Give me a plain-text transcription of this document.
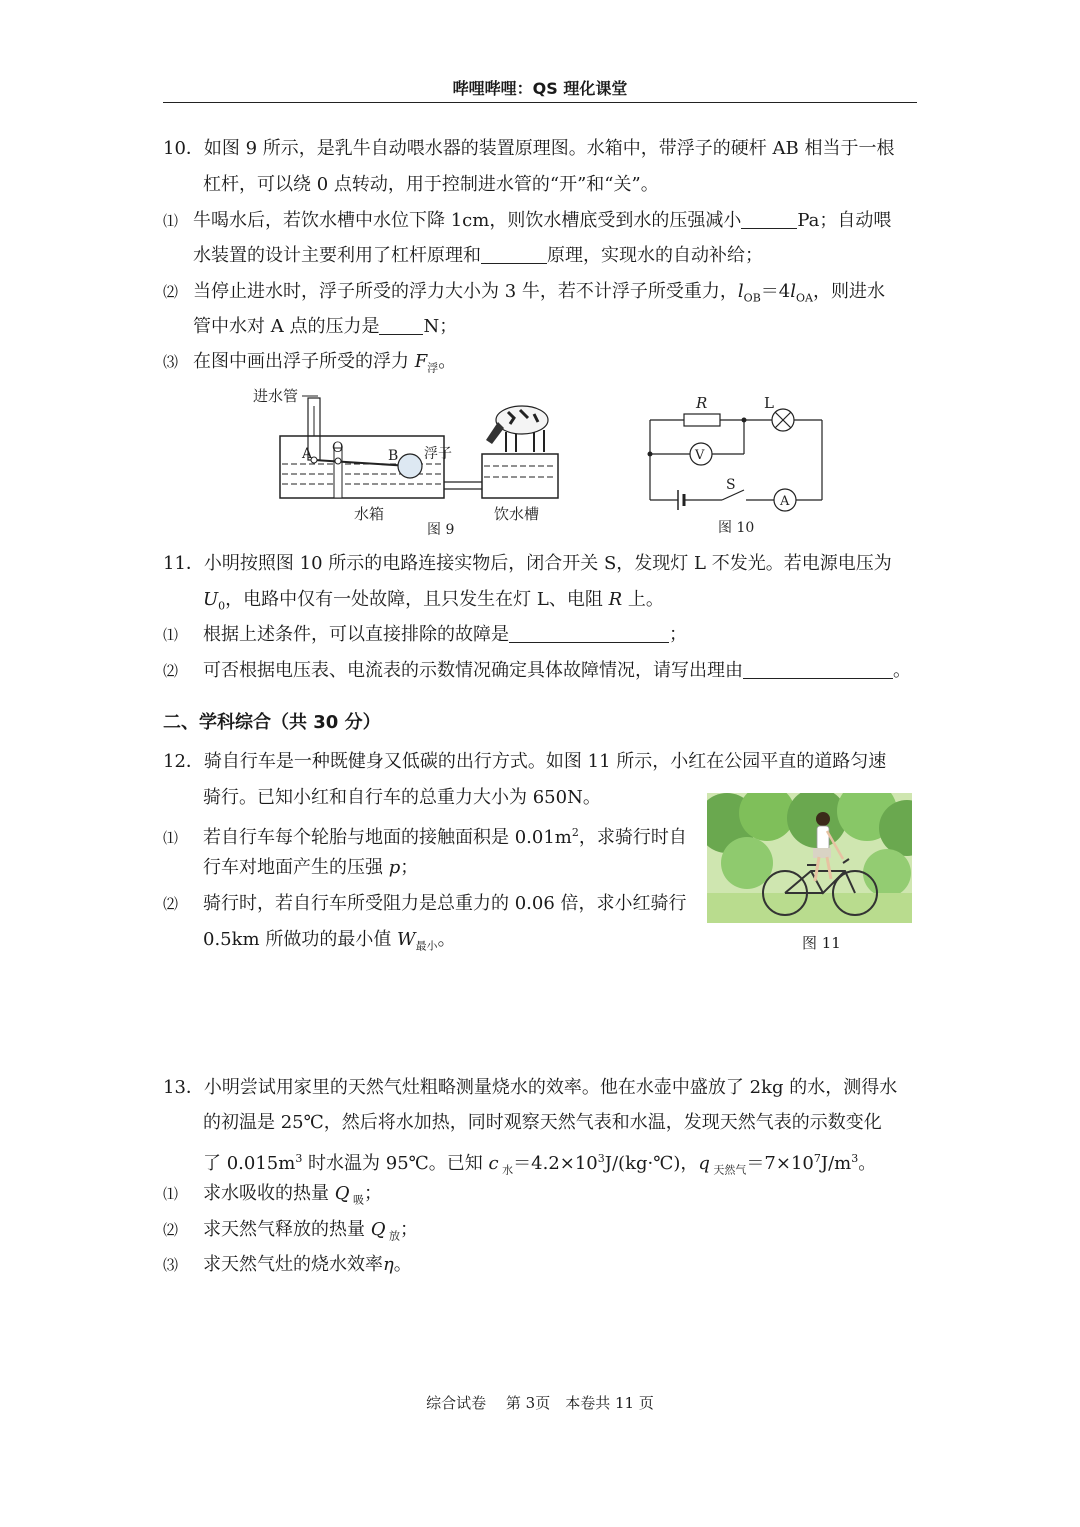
哔哩哔哩：QS 理化课堂
10．如图 9 所示，是乳牛自动喂水器的装置原理图。水箱中，带浮子的硬杆 AB 相当于一根
杠杆，可以绕 0 点转动，用于控制进水管的“开”和“关”。
⑴ 牛喝水后，若饮水槽中水位下降 1cm，则饮水槽底受到水的压强减小	Pa；自动喂
水装置的设计主要利用了杠杆原理和	原理，实现水的自动补给；
⑵ 当停止进水时，浮子所受的浮力大小为 3 牛，若不计浮子所受重力，$l_{OB}=4l_{OA}$，则进水
管中水对 A 点的压力是 N；
⑶ 在图中画出浮子所受的浮力 $F_浮$。
进水管
A O	B 浮子
水箱	饮水槽
图 9
R	L
V
S
A
图 10
11．小明按照图 10 所示的电路连接实物后，闭合开关 S，发现灯 L 不发光。若电源电压为
$U_0$，电路中仅有一处故障，且只发生在灯 L、电阻 R 上。
⑴ 根据上述条件，可以直接排除的故障是	；
⑵ 可否根据电压表、电流表的示数情况确定具体故障情况，请写出理由	。
二、学科综合（共 30 分）
12．骑自行车是一种既健身又低碳的出行方式。如图 11 所示，小红在公园平直的道路匀速
骑行。已知小红和自行车的总重力大小为 650N。
⑴ 若自行车每个轮胎与地面的接触面积是 $0.01m^2$，求骑行时自
行车对地面产生的压强 p；
⑵ 骑行时，若自行车所受阻力是总重力的 0.06 倍，求小红骑行
0.5km 所做功的最小值 $W_{最小}$。	图 11
13．小明尝试用家里的天然气灶粗略测量烧水的效率。他在水壶中盛放了 2kg 的水，测得水
的初温是 25℃，然后将水加热，同时观察天然气表和水温，发现天然气表的示数变化
了 $0.015m^3$ 时水温为 95℃。已知 c $_水=4.2\times 10^3J/(kg\cdot℃)$，q $_{天然气}=7\times 10^7J/m^3$。
⑴ 求水吸收的热量 Q $_吸$；
⑵ 求天然气释放的热量 Q $_放$；
⑶ 求天然气灶的烧水效率η。
综合试卷　 第 3页　本卷共 11 页
